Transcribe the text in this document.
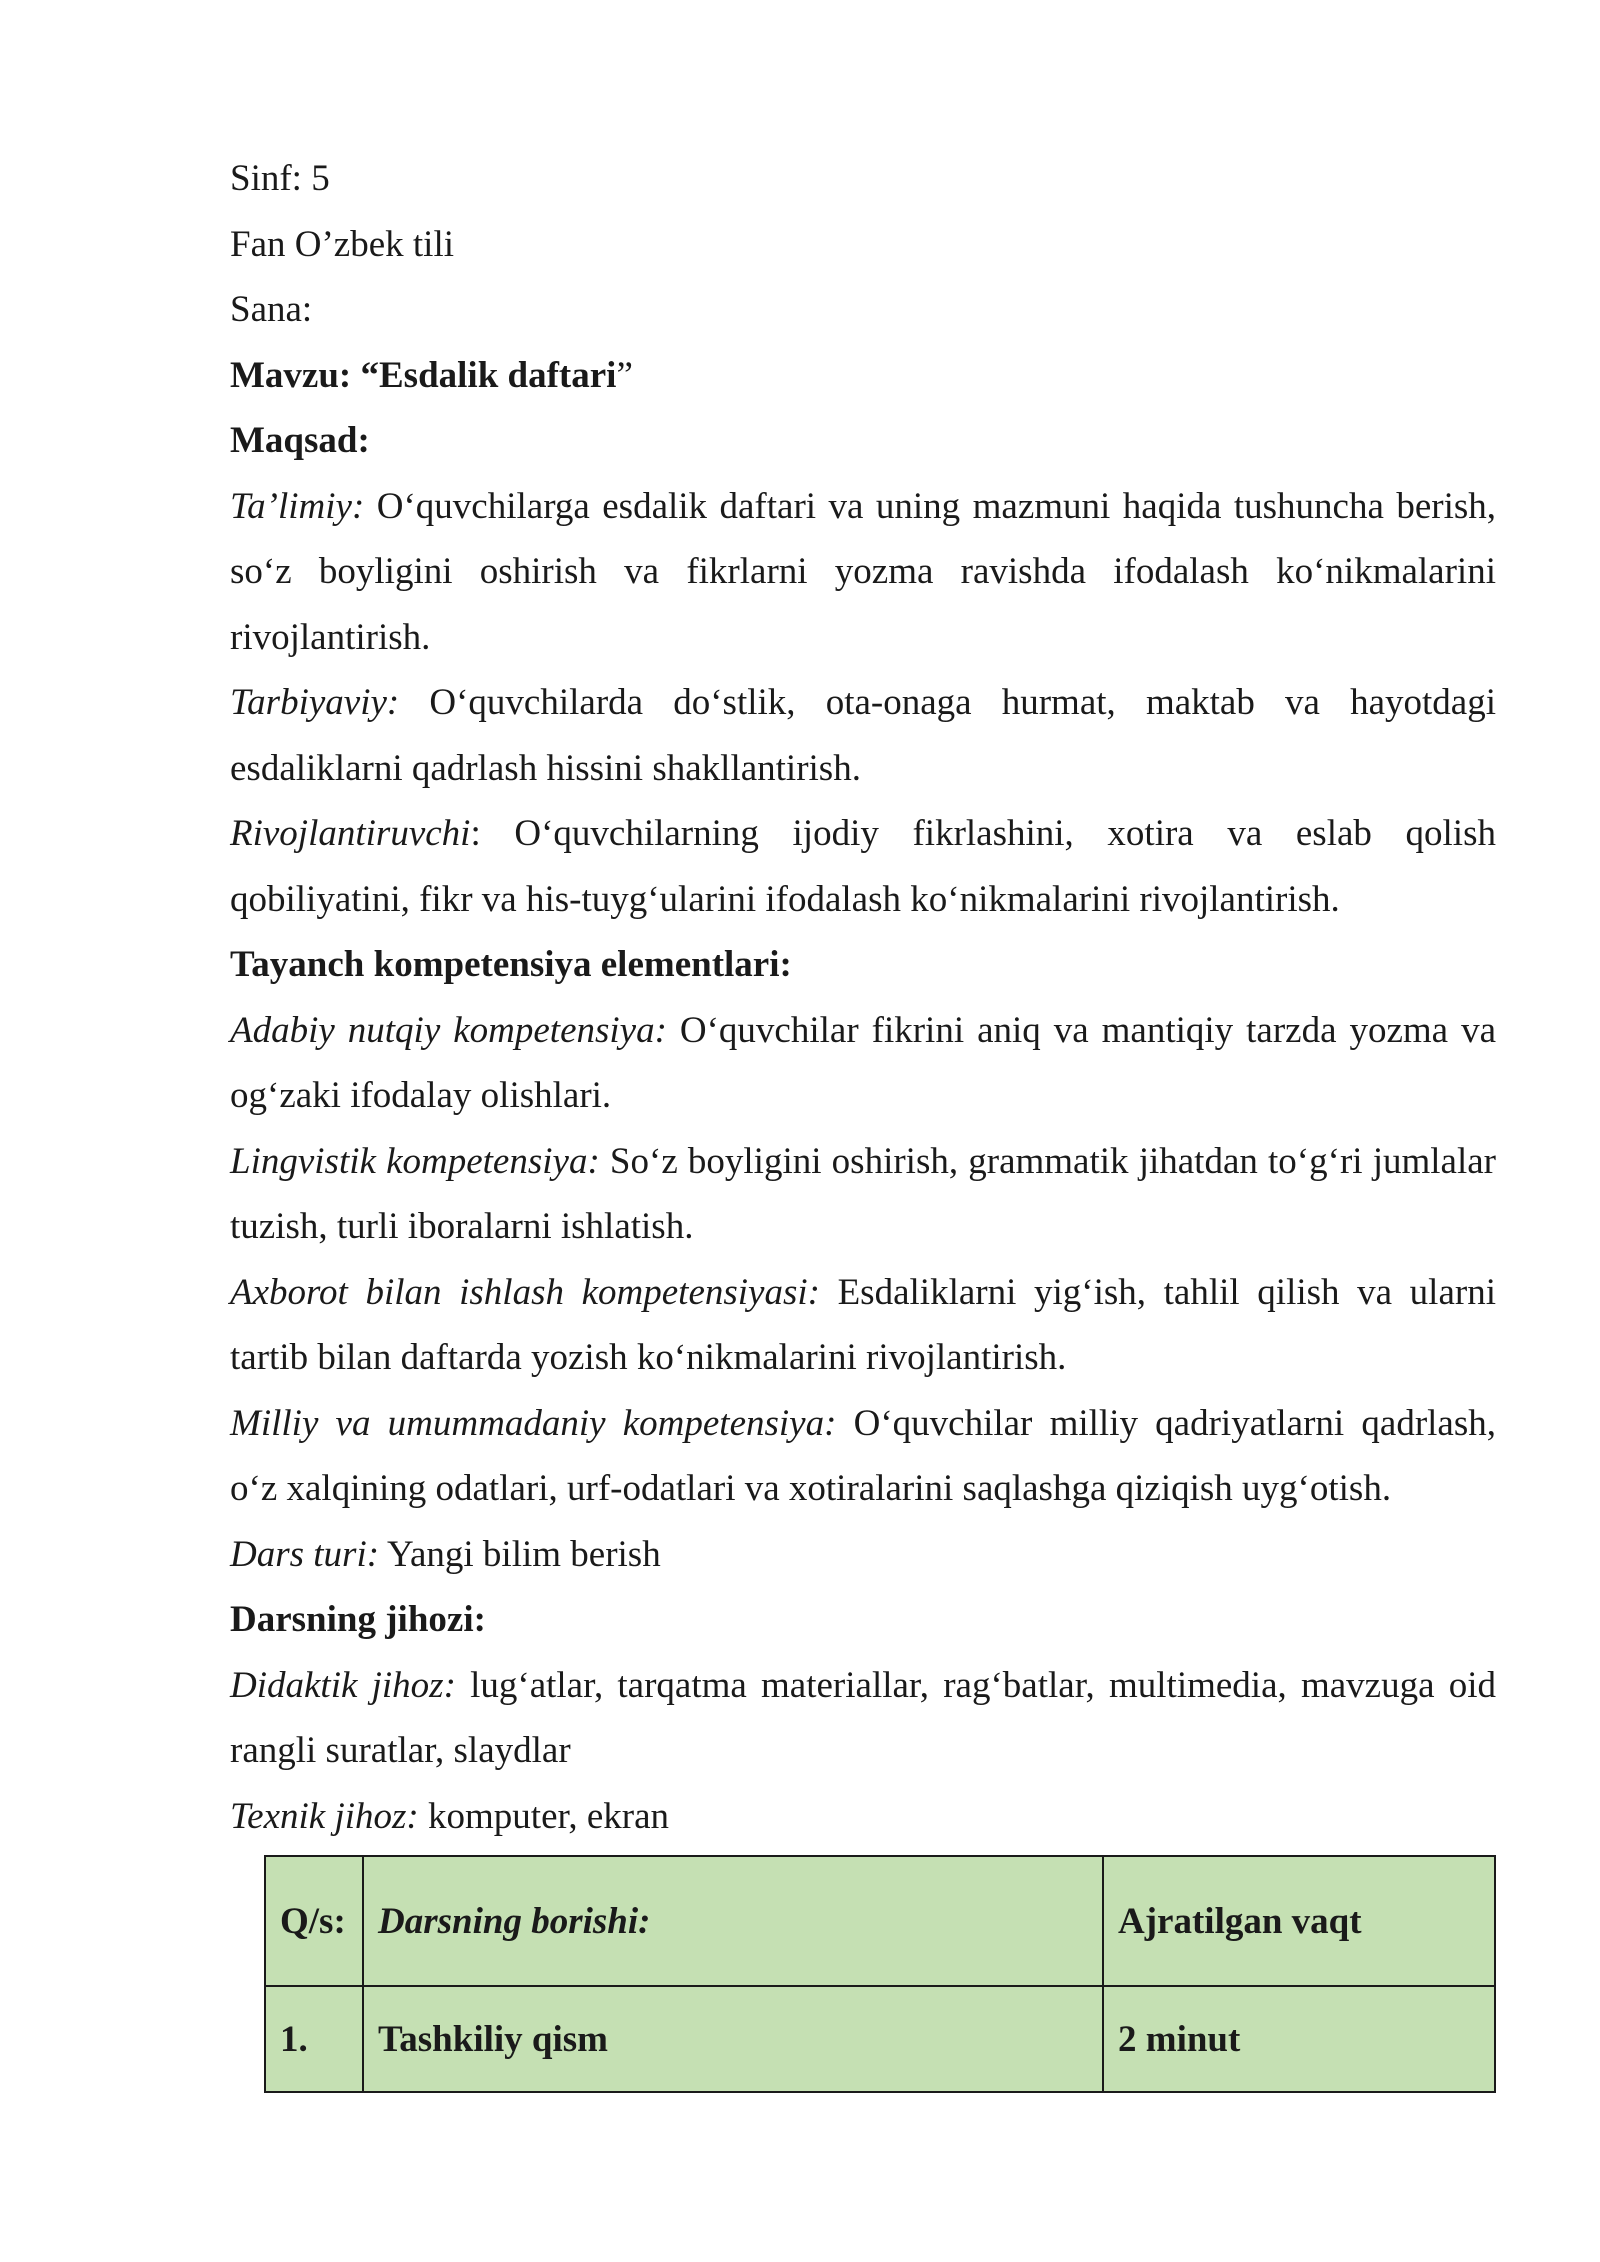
Sinf: 5

Fan O’zbek tili

Sana:

Mavzu: “Esdalik daftari”

Maqsad:

Ta’limiy: O‘quvchilarga esdalik daftari va uning mazmuni haqida tushuncha berish, so‘z boyligini oshirish va fikrlarni yozma ravishda ifodalash ko‘nikmalarini rivojlantirish.

Tarbiyaviy: O‘quvchilarda do‘stlik, ota-onaga hurmat, maktab va hayotdagi esdaliklarni qadrlash hissini shakllantirish.

Rivojlantiruvchi: O‘quvchilarning ijodiy fikrlashini, xotira va eslab qolish qobiliyatini, fikr va his-tuyg‘ularini ifodalash ko‘nikmalarini rivojlantirish.

Tayanch kompetensiya elementlari:

Adabiy nutqiy kompetensiya: O‘quvchilar fikrini aniq va mantiqiy tarzda yozma va og‘zaki ifodalay olishlari.

Lingvistik kompetensiya: So‘z boyligini oshirish, grammatik jihatdan to‘g‘ri jumlalar tuzish, turli iboralarni ishlatish.

Axborot bilan ishlash kompetensiyasi: Esdaliklarni yig‘ish, tahlil qilish va ularni tartib bilan daftarda yozish ko‘nikmalarini rivojlantirish.

Milliy va umummadaniy kompetensiya: O‘quvchilar milliy qadriyatlarni qadrlash, o‘z xalqining odatlari, urf-odatlari va xotiralarini saqlashga qiziqish uyg‘otish.

Dars turi: Yangi bilim berish

Darsning jihozi:

Didaktik jihoz: lug‘atlar, tarqatma materiallar, rag‘batlar, multimedia, mavzuga oid rangli suratlar, slaydlar

Texnik jihoz: komputer, ekran

Q/s:	Darsning borishi:	Ajratilgan vaqt
1.	Tashkiliy qism	2 minut
